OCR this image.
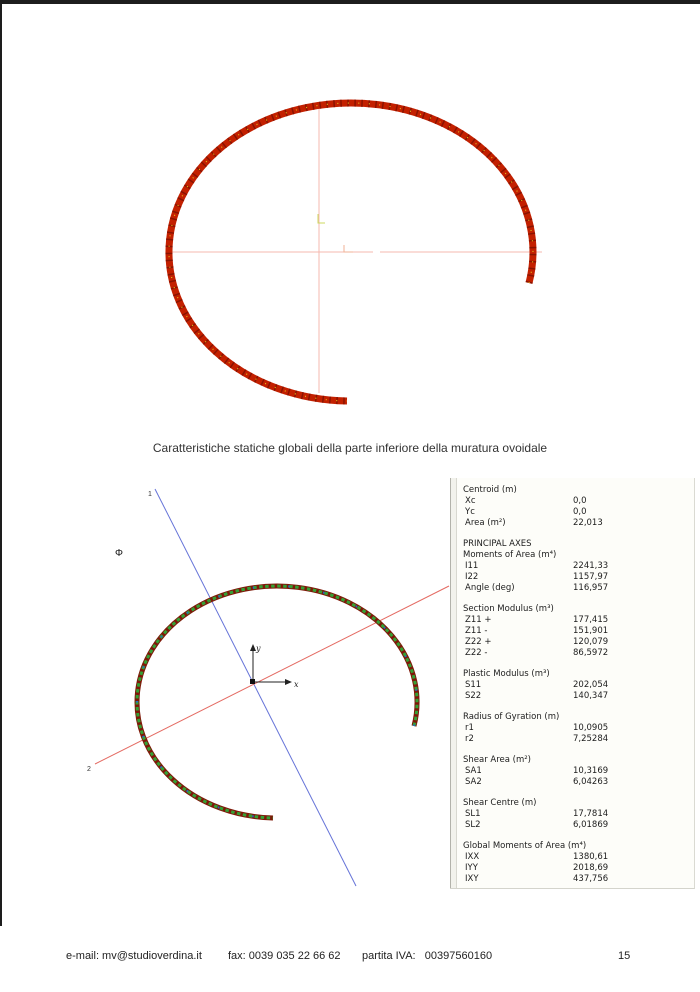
1
2
Φ
y
x
Caratteristiche statiche globali della parte inferiore della muratura ovoidale
Centroid (m)
Xc	0,0
Yc	0,0
Area (m²)	22,013
PRINCIPAL AXES
Moments of Area (m⁴)
I11	2241,33
I22	1157,97
Angle (deg)	116,957
Section Modulus (m³)
Z11 +	177,415
Z11 -	151,901
Z22 +	120,079
Z22 -	86,5972
Plastic Modulus (m³)
S11	202,054
S22	140,347
Radius of Gyration (m)
r1	10,0905
r2	7,25284
Shear Area (m²)
SA1	10,3169
SA2	6,04263
Shear Centre (m)
SL1	17,7814
SL2	6,01869
Global Moments of Area (m⁴)
IXX	1380,61
IYY	2018,69
IXY	437,756
e-mail: mv@studioverdina.it fax: 0039 035 22 66 62 partita IVA:   00397560160	15
